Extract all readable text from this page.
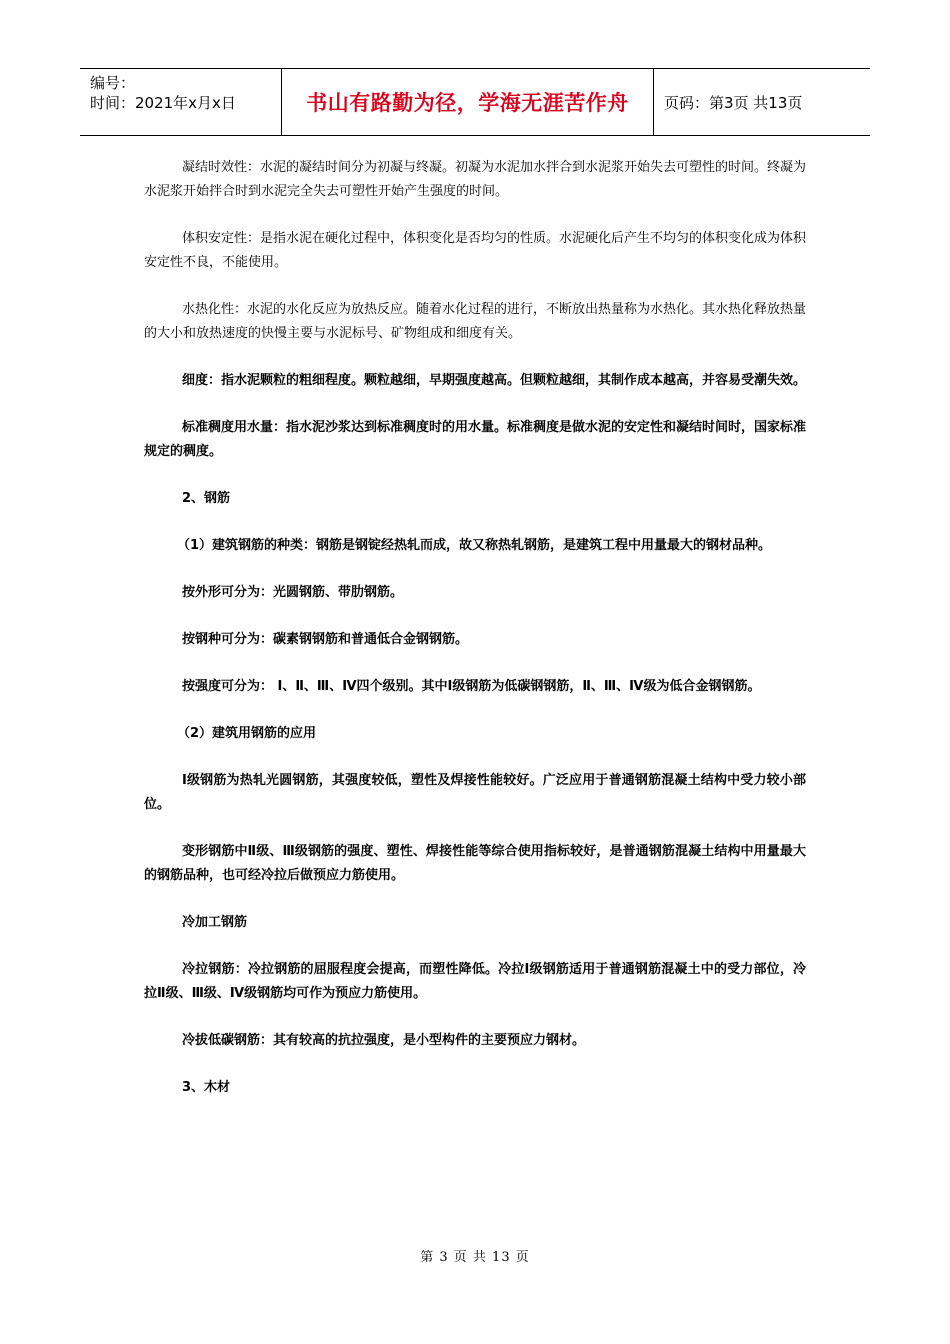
编号：
时间：2021年x月x日	书山有路勤为径，学海无涯苦作舟 页码：第3页 共13页

凝结时效性：水泥的凝结时间分为初凝与终凝。初凝为水泥加水拌合到水泥浆开始失去可塑性的时间。终凝为水泥浆开始拌合时到水泥完全失去可塑性开始产生强度的时间。

体积安定性：是指水泥在硬化过程中，体积变化是否均匀的性质。水泥硬化后产生不均匀的体积变化成为体积安定性不良，不能使用。

水热化性：水泥的水化反应为放热反应。随着水化过程的进行，不断放出热量称为水热化。其水热化释放热量的大小和放热速度的快慢主要与水泥标号、矿物组成和细度有关。

细度：指水泥颗粒的粗细程度。颗粒越细，早期强度越高。但颗粒越细，其制作成本越高，并容易受潮失效。

标准稠度用水量：指水泥沙浆达到标准稠度时的用水量。标准稠度是做水泥的安定性和凝结时间时，国家标准规定的稠度。

2、钢筋

（1）建筑钢筋的种类：钢筋是钢锭经热轧而成，故又称热轧钢筋，是建筑工程中用量最大的钢材品种。

按外形可分为：光圆钢筋、带肋钢筋。

按钢种可分为：碳素钢钢筋和普通低合金钢钢筋。

按强度可分为： Ⅰ、Ⅱ、Ⅲ、Ⅳ四个级别。其中Ⅰ级钢筋为低碳钢钢筋，Ⅱ、Ⅲ、Ⅳ级为低合金钢钢筋。

（2）建筑用钢筋的应用

Ⅰ级钢筋为热轧光圆钢筋，其强度较低，塑性及焊接性能较好。广泛应用于普通钢筋混凝土结构中受力较小部位。

变形钢筋中Ⅱ级、Ⅲ级钢筋的强度、塑性、焊接性能等综合使用指标较好，是普通钢筋混凝土结构中用量最大的钢筋品种，也可经冷拉后做预应力筋使用。

冷加工钢筋

冷拉钢筋：冷拉钢筋的屈服程度会提高，而塑性降低。冷拉Ⅰ级钢筋适用于普通钢筋混凝土中的受力部位，冷拉Ⅱ级、Ⅲ级、Ⅳ级钢筋均可作为预应力筋使用。

冷拔低碳钢筋：其有较高的抗拉强度，是小型构件的主要预应力钢材。

3、木材

第 3 页 共 13 页
